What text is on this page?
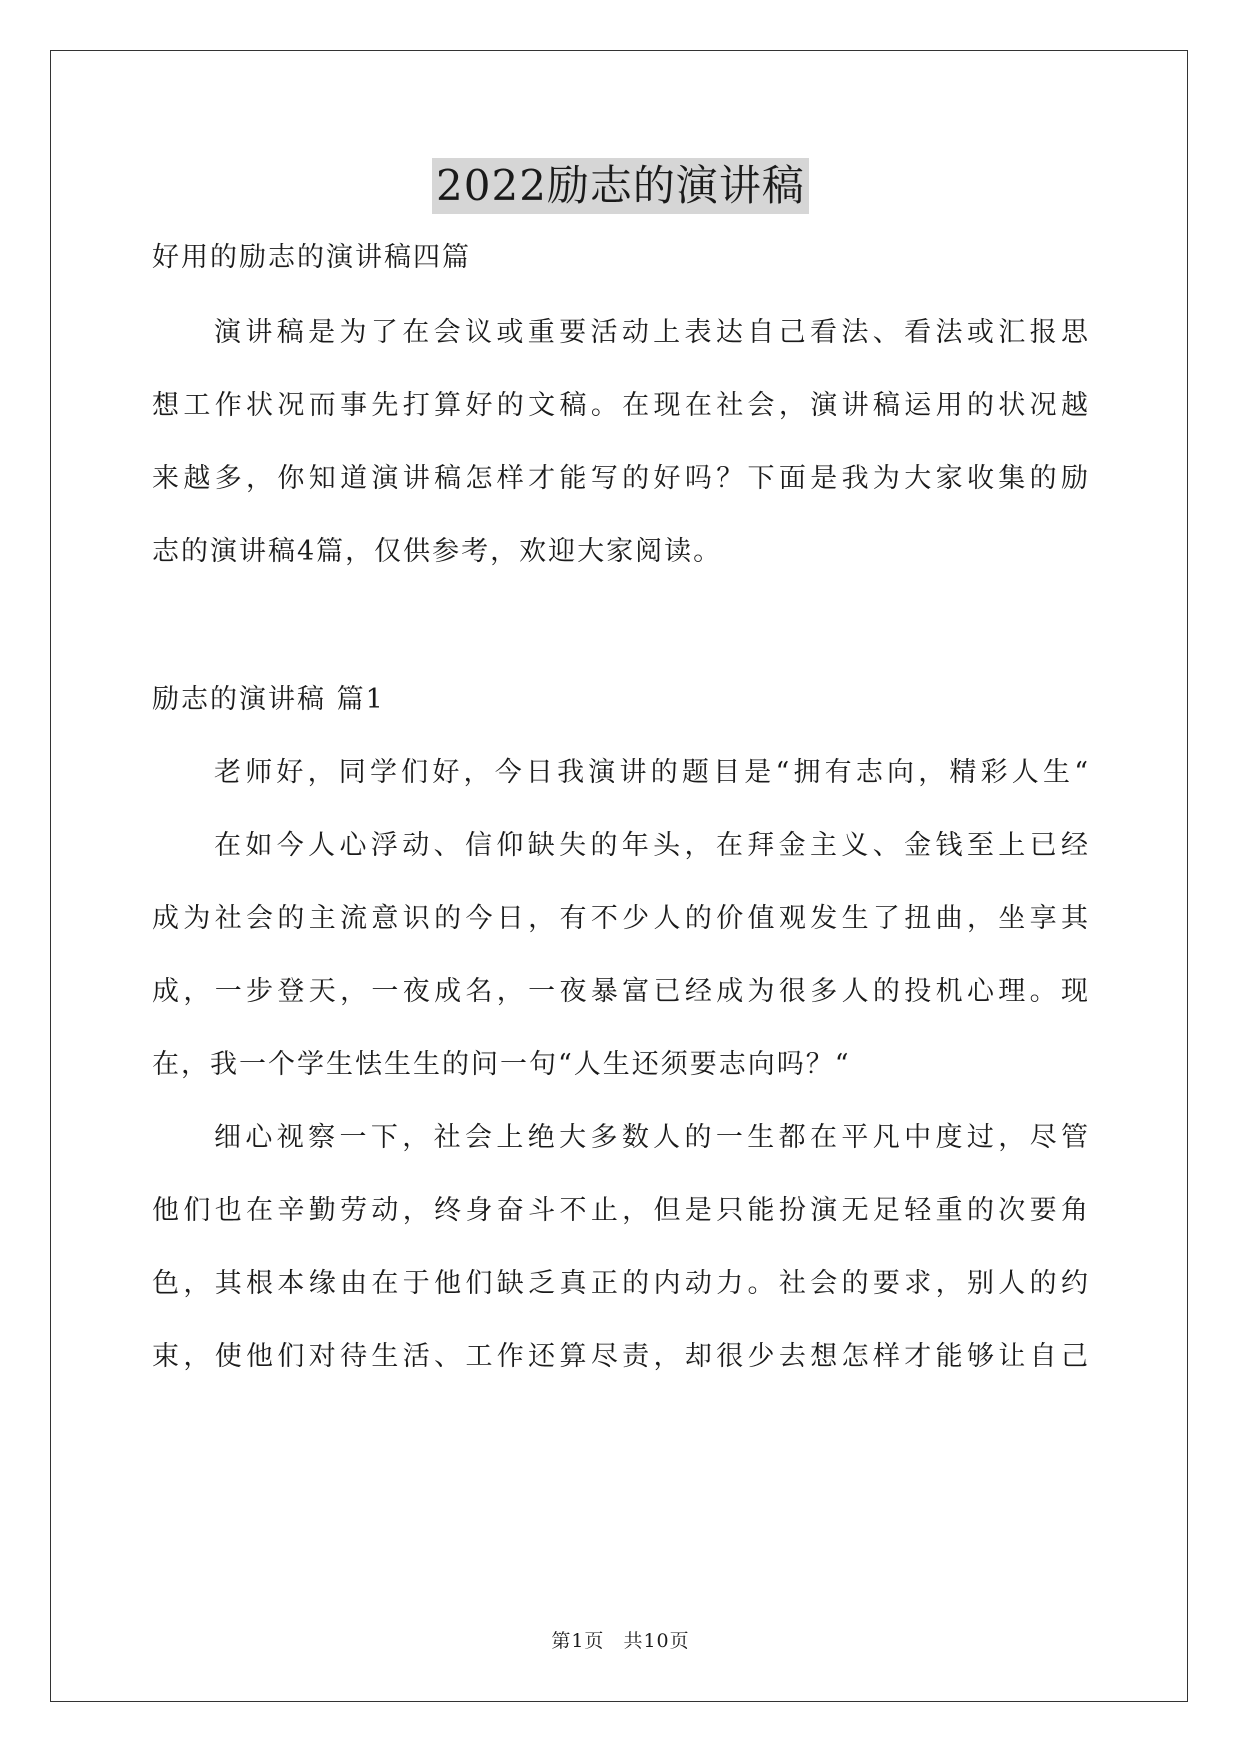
2022励志的演讲稿
好用的励志的演讲稿四篇
演讲稿是为了在会议或重要活动上表达自己看法、看法或汇报思
想工作状况而事先打算好的文稿。在现在社会，演讲稿运用的状况越
来越多，你知道演讲稿怎样才能写的好吗？下面是我为大家收集的励
志的演讲稿4篇，仅供参考，欢迎大家阅读。
励志的演讲稿 篇1
老师好，同学们好，今日我演讲的题目是“拥有志向，精彩人生“
在如今人心浮动、信仰缺失的年头，在拜金主义、金钱至上已经
成为社会的主流意识的今日，有不少人的价值观发生了扭曲，坐享其
成，一步登天，一夜成名，一夜暴富已经成为很多人的投机心理。现
在，我一个学生怯生生的问一句“人生还须要志向吗？“
细心视察一下，社会上绝大多数人的一生都在平凡中度过，尽管
他们也在辛勤劳动，终身奋斗不止，但是只能扮演无足轻重的次要角
色，其根本缘由在于他们缺乏真正的内动力。社会的要求，别人的约
束，使他们对待生活、工作还算尽责，却很少去想怎样才能够让自己
第1页 共10页
